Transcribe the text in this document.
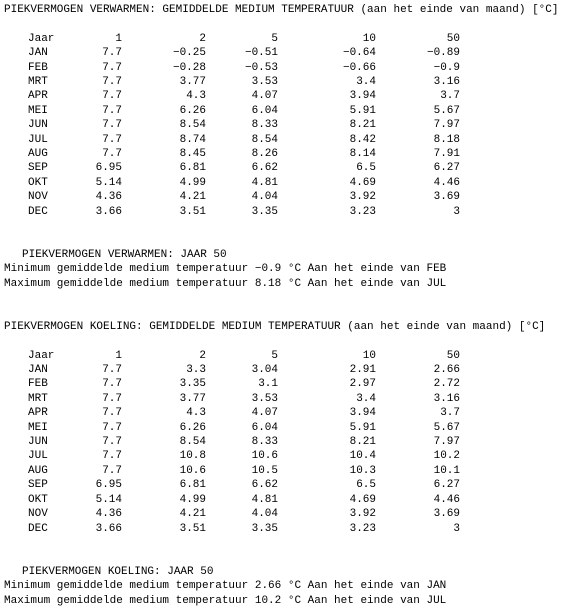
PIEKVERMOGEN VERWARMEN: GEMIDDELDE MEDIUM TEMPERATUUR (aan het einde van maand) [°C]
Jaar	1	2	5	10	50
JAN	7.7	−0.25	−0.51	−0.64	−0.89
FEB	7.7	−0.28	−0.53	−0.66	−0.9
MRT	7.7	3.77	3.53	3.4	3.16
APR	7.7	4.3	4.07	3.94	3.7
MEI	7.7	6.26	6.04	5.91	5.67
JUN	7.7	8.54	8.33	8.21	7.97
JUL	7.7	8.74	8.54	8.42	8.18
AUG	7.7	8.45	8.26	8.14	7.91
SEP	6.95	6.81	6.62	6.5	6.27
OKT	5.14	4.99	4.81	4.69	4.46
NOV	4.36	4.21	4.04	3.92	3.69
DEC	3.66	3.51	3.35	3.23	3
PIEKVERMOGEN VERWARMEN: JAAR 50
Minimum gemiddelde medium temperatuur −0.9 °C Aan het einde van FEB
Maximum gemiddelde medium temperatuur 8.18 °C Aan het einde van JUL
PIEKVERMOGEN KOELING: GEMIDDELDE MEDIUM TEMPERATUUR (aan het einde van maand) [°C]
Jaar	1	2	5	10	50
JAN	7.7	3.3	3.04	2.91	2.66
FEB	7.7	3.35	3.1	2.97	2.72
MRT	7.7	3.77	3.53	3.4	3.16
APR	7.7	4.3	4.07	3.94	3.7
MEI	7.7	6.26	6.04	5.91	5.67
JUN	7.7	8.54	8.33	8.21	7.97
JUL	7.7	10.8	10.6	10.4	10.2
AUG	7.7	10.6	10.5	10.3	10.1
SEP	6.95	6.81	6.62	6.5	6.27
OKT	5.14	4.99	4.81	4.69	4.46
NOV	4.36	4.21	4.04	3.92	3.69
DEC	3.66	3.51	3.35	3.23	3
PIEKVERMOGEN KOELING: JAAR 50
Minimum gemiddelde medium temperatuur 2.66 °C Aan het einde van JAN
Maximum gemiddelde medium temperatuur 10.2 °C Aan het einde van JUL
